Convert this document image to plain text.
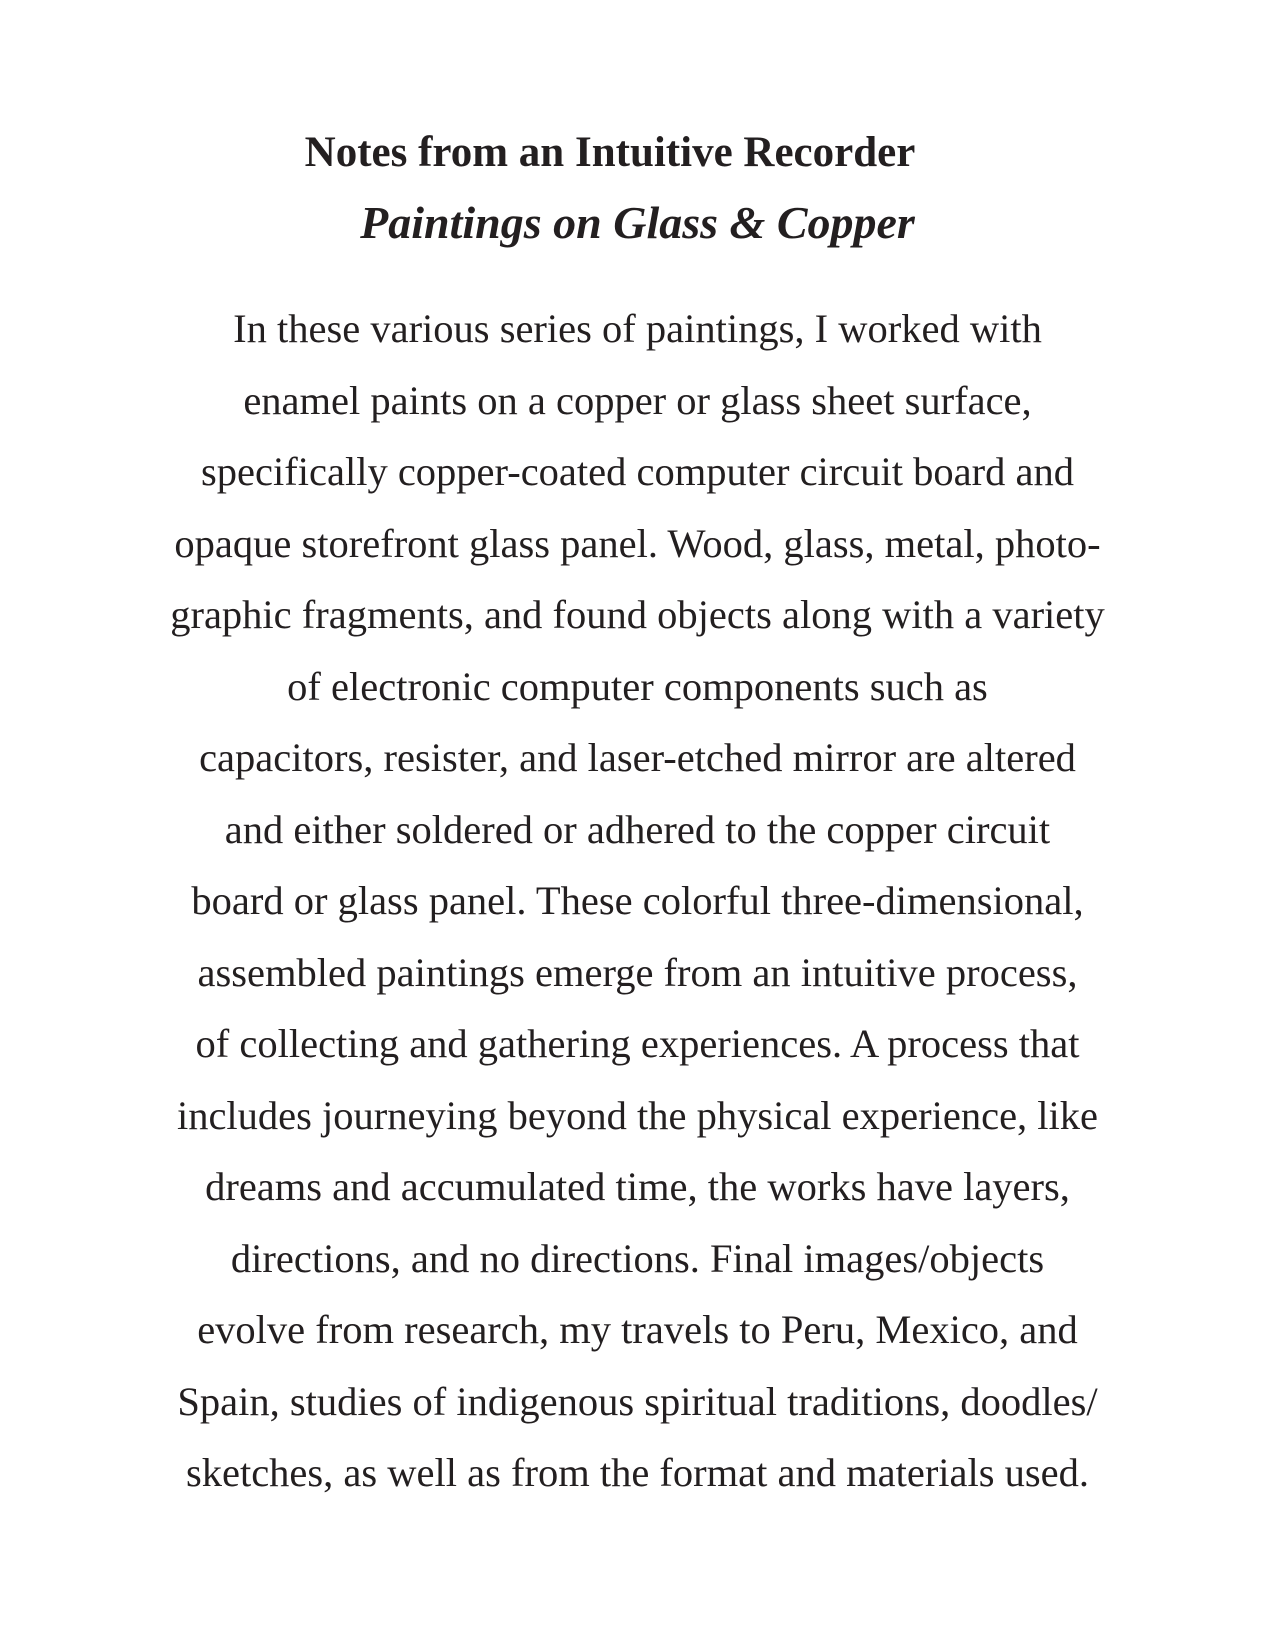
Notes from an Intuitive Recorder
Paintings on Glass & Copper
In these various series of paintings, I worked with
enamel paints on a copper or glass sheet surface,
specifically copper-coated computer circuit board and
opaque storefront glass panel. Wood, glass, metal, photo-
graphic fragments, and found objects along with a variety
of electronic computer components such as
capacitors, resister, and laser-etched mirror are altered
and either soldered or adhered to the copper circuit
board or glass panel. These colorful three-dimensional,
assembled paintings emerge from an intuitive process,
of collecting and gathering experiences. A process that
includes journeying beyond the physical experience, like
dreams and accumulated time, the works have layers,
directions, and no directions. Final images/objects
evolve from research, my travels to Peru, Mexico, and
Spain, studies of indigenous spiritual traditions, doodles/
sketches, as well as from the format and materials used.
